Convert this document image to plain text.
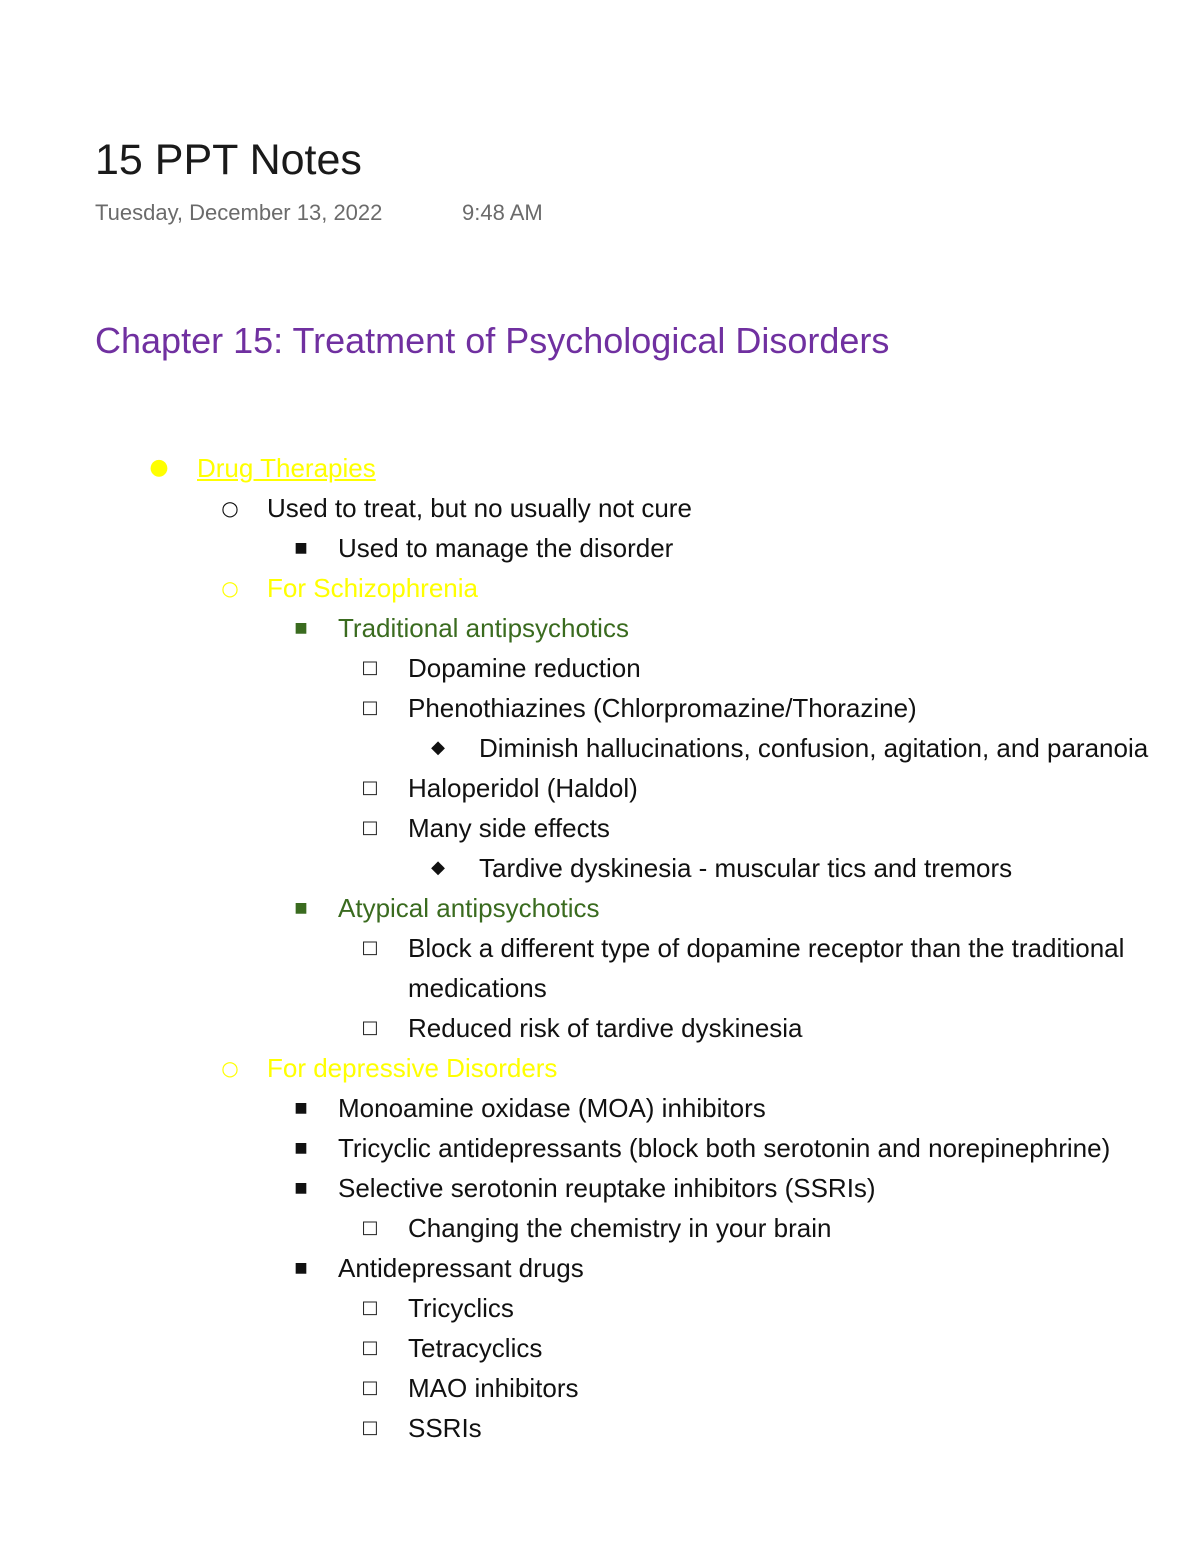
15 PPT Notes
Tuesday, December 13, 2022	9:48 AM
Chapter 15: Treatment of Psychological Disorders
● Drug Therapies
○ Used to treat, but no usually not cure
■ Used to manage the disorder
○ For Schizophrenia
■ Traditional antipsychotics
□ Dopamine reduction
□ Phenothiazines (Chlorpromazine/Thorazine)
◆ Diminish hallucinations, confusion, agitation, and paranoia
□ Haloperidol (Haldol)
□ Many side effects
◆ Tardive dyskinesia - muscular tics and tremors
■ Atypical antipsychotics
□ Block a different type of dopamine receptor than the traditional medications
□ Reduced risk of tardive dyskinesia
○ For depressive Disorders
■ Monoamine oxidase (MOA) inhibitors
■ Tricyclic antidepressants (block both serotonin and norepinephrine)
■ Selective serotonin reuptake inhibitors (SSRIs)
□ Changing the chemistry in your brain
■ Antidepressant drugs
□ Tricyclics
□ Tetracyclics
□ MAO inhibitors
□ SSRIs
